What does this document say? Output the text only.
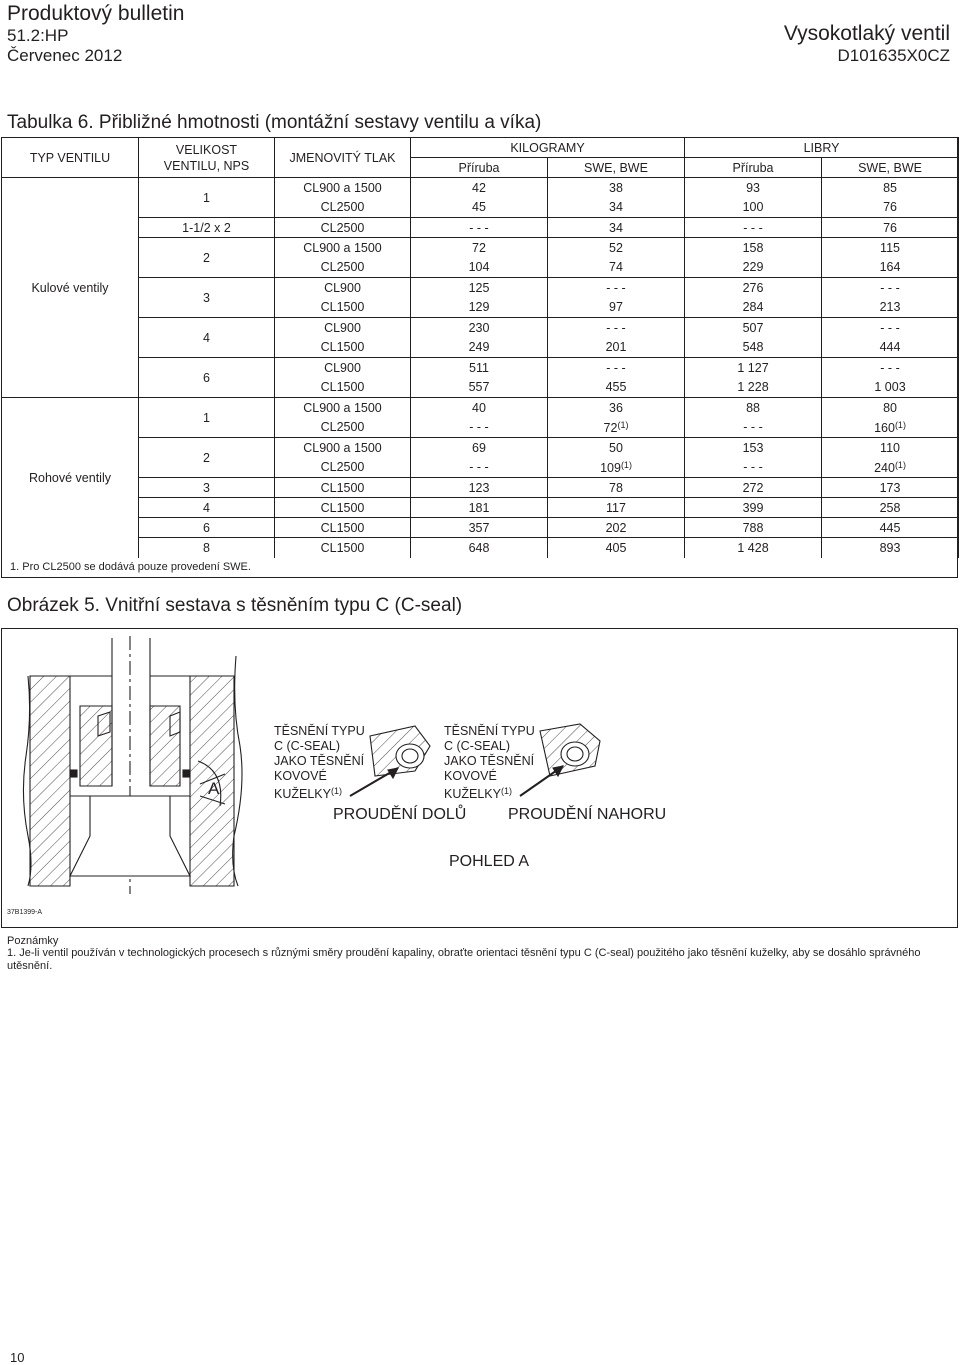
Produktový bulletin
51.2:HP
Červenec 2012
Vysokotlaký ventil
D101635X0CZ
Tabulka 6. Přibližné hmotnosti (montážní sestavy ventilu a víka)
TYP VENTILU	VELIKOST
VENTILU, NPS	JMENOVITÝ TLAK	KILOGRAMY		LIBRY	
			Příruba	SWE, BWE	Příruba	SWE, BWE
Kulové ventily	1	CL900 a 1500	42	38	93	85
		CL2500	45	34	100	76
	1-1/2 x 2	CL2500	- - -	34	- - -	76
	2	CL900 a 1500	72	52	158	115
		CL2500	104	74	229	164
	3	CL900	125	- - -	276	- - -
		CL1500	129	97	284	213
	4	CL900	230	- - -	507	- - -
		CL1500	249	201	548	444
	6	CL900	511	- - -	1 127	- - -
		CL1500	557	455	1 228	1 003
Rohové ventily	1	CL900 a 1500	40	36	88	80
		CL2500	- - -	72$^{(1)}$	- - -	160$^{(1)}$
	2	CL900 a 1500	69	50	153	110
		CL2500	- - -	109$^{(1)}$	- - -	240$^{(1)}$
	3	CL1500	123	78	272	173
	4	CL1500	181	117	399	258
	6	CL1500	357	202	788	445
	8	CL1500	648	405	1 428	893
1. Pro CL2500 se dodává pouze provedení SWE.
Obrázek 5. Vnitřní sestava s těsněním typu C (C-seal)
A
TĚSNĚNÍ TYPU
C (C-SEAL)
JAKO TĚSNĚNÍ
KOVOVÉ
KUŽELKY$^{(1)}$
TĚSNĚNÍ TYPU
C (C-SEAL)
JAKO TĚSNĚNÍ
KOVOVÉ
KUŽELKY$^{(1)}$
PROUDĚNÍ DOLŮ	PROUDĚNÍ NAHORU
POHLED A
37B1399-A
Poznámky
1. Je-li ventil používán v technologických procesech s různými směry proudění kapaliny, obraťte orientaci těsnění typu C (C-seal) použitého jako těsnění kuželky, aby se dosáhlo správného utěsnění.
10
